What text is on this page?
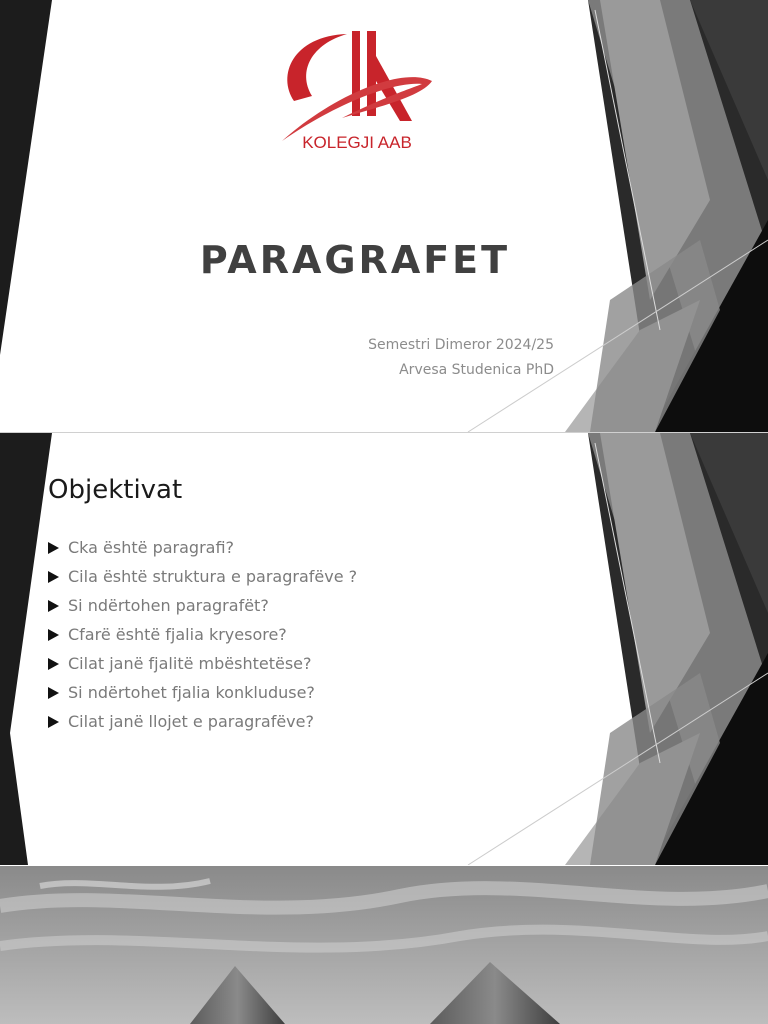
KOLEGJI AAB
PARAGRAFET
Semestri Dimeror 2024/25
Arvesa Studenica PhD
Objektivat
Cka është paragrafi?
Cila është struktura e paragrafëve ?
Si ndërtohen paragrafët?
Cfarë është fjalia kryesore?
Cilat janë fjalitë mbështetëse?
Si ndërtohet fjalia konkluduse?
Cilat janë llojet e paragrafëve?
